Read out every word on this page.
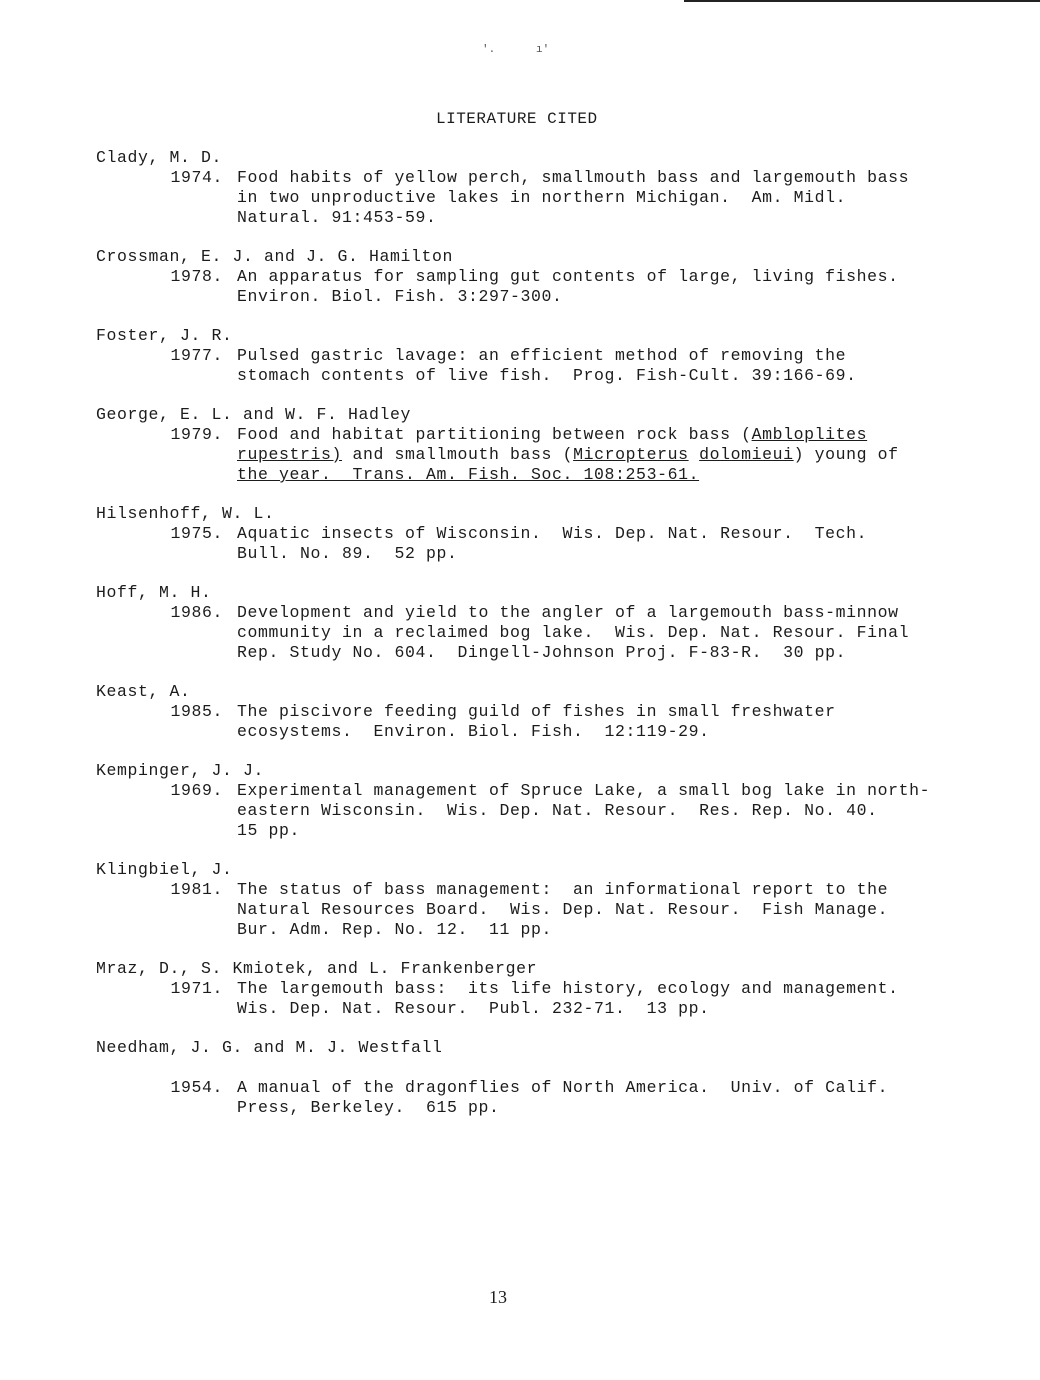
'.	ı'
LITERATURE CITED
Clady, M. D.
1974. Food habits of yellow perch, smallmouth bass and largemouth bass
in two unproductive lakes in northern Michigan.  Am. Midl.
Natural. 91:453-59.
Crossman, E. J. and J. G. Hamilton
1978. An apparatus for sampling gut contents of large, living fishes.
Environ. Biol. Fish. 3:297-300.
Foster, J. R.
1977. Pulsed gastric lavage: an efficient method of removing the
stomach contents of live fish.  Prog. Fish-Cult. 39:166-69.
George, E. L. and W. F. Hadley
1979. Food and habitat partitioning between rock bass (Ambloplites
rupestris) and smallmouth bass (Micropterus dolomieui) young of
the year.  Trans. Am. Fish. Soc. 108:253-61.
Hilsenhoff, W. L.
1975. Aquatic insects of Wisconsin.  Wis. Dep. Nat. Resour.  Tech.
Bull. No. 89.  52 pp.
Hoff, M. H.
1986. Development and yield to the angler of a largemouth bass-minnow
community in a reclaimed bog lake.  Wis. Dep. Nat. Resour. Final
Rep. Study No. 604.  Dingell-Johnson Proj. F-83-R.  30 pp.
Keast, A.
1985. The piscivore feeding guild of fishes in small freshwater
ecosystems.  Environ. Biol. Fish.  12:119-29.
Kempinger, J. J.
1969. Experimental management of Spruce Lake, a small bog lake in north-
eastern Wisconsin.  Wis. Dep. Nat. Resour.  Res. Rep. No. 40.
15 pp.
Klingbiel, J.
1981. The status of bass management:  an informational report to the
Natural Resources Board.  Wis. Dep. Nat. Resour.  Fish Manage.
Bur. Adm. Rep. No. 12.  11 pp.
Mraz, D., S. Kmiotek, and L. Frankenberger
1971. The largemouth bass:  its life history, ecology and management.
Wis. Dep. Nat. Resour.  Publ. 232-71.  13 pp.
Needham, J. G. and M. J. Westfall
1954. A manual of the dragonflies of North America.  Univ. of Calif.
Press, Berkeley.  615 pp.
13
